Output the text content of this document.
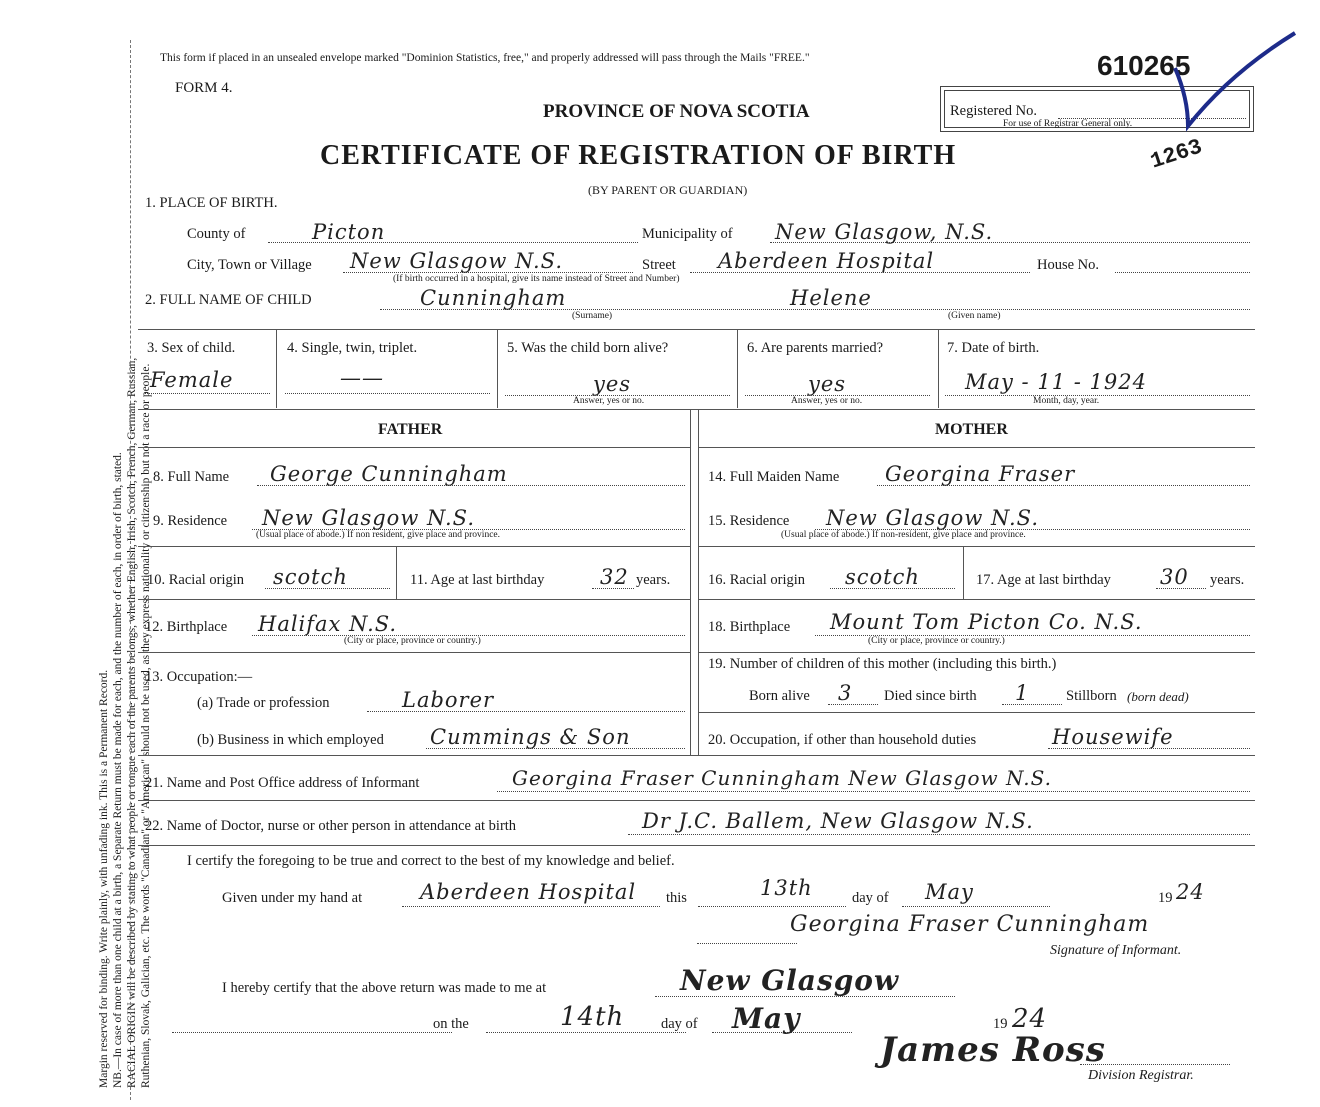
Margin reserved for binding. Write plainly, with unfading ink. This is a Permanent Record. NB.—In case of more than one child at a birth, a Separate Return must be made for each, and the number of each, in order of birth, stated. RACIAL ORIGIN will be described by stating to what people or tongue each of the parents belongs, whether English, Irish, Scotch, French, German, Russian, Ruthenian, Slovak, Galician, etc. The words "Canadian" or "American" should not be used, as they express nationality or citizenship but not a race or people.
This form if placed in an unsealed envelope marked "Dominion Statistics, free," and properly addressed will pass through the Mails "FREE."	610265
FORM 4.
PROVINCE OF NOVA SCOTIA
CERTIFICATE OF REGISTRATION OF BIRTH
(BY PARENT OR GUARDIAN)
Registered No.
For use of Registrar General only.
1263
1. PLACE OF BIRTH.
County of	Picton	Municipality of New Glasgow, N.S.
City, Town or Village New Glasgow N.S.	Street Aberdeen Hospital	House No.
(If birth occurred in a hospital, give its name instead of Street and Number)
2. FULL NAME OF CHILD	Cunningham	Helene
(Surname)	(Given name)
3. Sex of child.
Female
4. Single, twin, triplet.
——
5. Was the child born alive?
yes
Answer, yes or no.
6. Are parents married?
yes
Answer, yes or no.
7. Date of birth.
May - 11 - 1924
Month, day, year.
FATHER	MOTHER
8. Full Name George Cunningham
9. Residence New Glasgow N.S.
(Usual place of abode.) If non resident, give place and province.
10. Racial origin scotch	11. Age at last birthday	32 years.
12. Birthplace Halifax N.S.
(City or place, province or country.)
13. Occupation:—
(a) Trade or profession	Laborer
(b) Business in which employed Cummings & Son
14. Full Maiden Name Georgina Fraser
15. Residence New Glasgow N.S.
(Usual place of abode.) If non-resident, give place and province.
16. Racial origin scotch	17. Age at last birthday 30 years.
18. Birthplace Mount Tom Picton Co. N.S.
(City or place, province or country.)
19. Number of children of this mother (including this birth.)
Born alive 3 Died since birth 1	Stillborn (born dead)
20. Occupation, if other than household duties	Housewife
21. Name and Post Office address of Informant	Georgina Fraser Cunningham New Glasgow N.S.
22. Name of Doctor, nurse or other person in attendance at birth	Dr J.C. Ballem, New Glasgow N.S.
I certify the foregoing to be true and correct to the best of my knowledge and belief.
Given under my hand at	Aberdeen Hospital this	13th	day of May	19 24
Georgina Fraser Cunningham
Signature of Informant.
I hereby certify that the above return was made to me at	New Glasgow
on the	14th	day of May	19 24
James Ross
Division Registrar.
